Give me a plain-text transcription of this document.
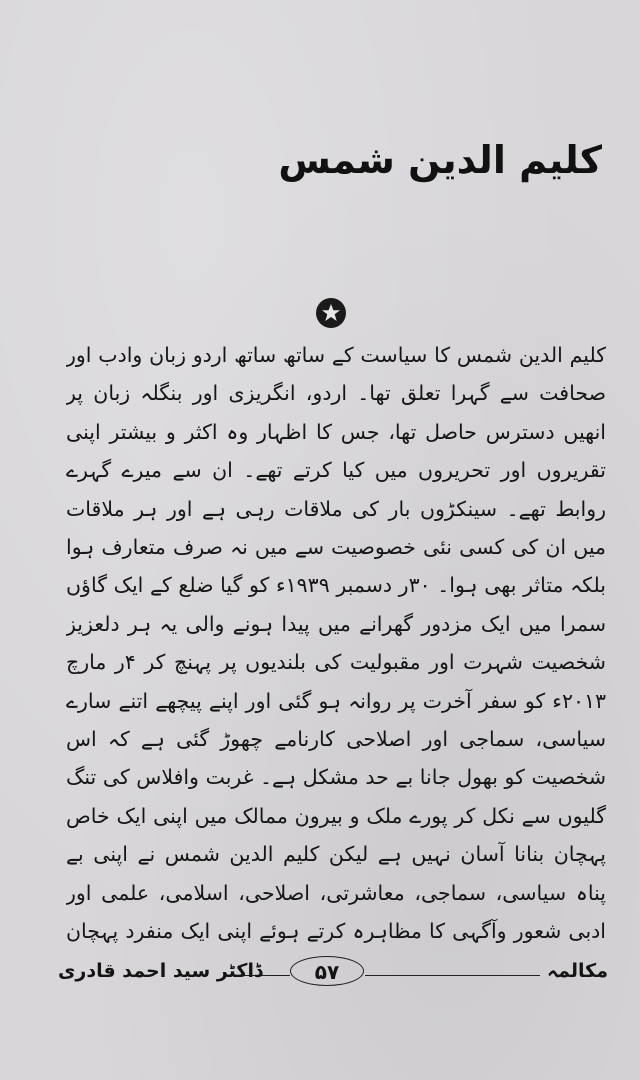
کلیم الدین شمس
کلیم الدین شمس کا سیاست کے ساتھ ساتھ اردو زبان وادب اور صحافت سے گہرا تعلق تھا۔ اردو، انگریزی اور بنگلہ زبان پر انھیں دسترس حاصل تھا، جس کا اظہار وہ اکثر و بیشتر اپنی تقریروں اور تحریروں میں کیا کرتے تھے۔ ان سے میرے گہرے روابط تھے۔ سینکڑوں بار کی ملاقات رہی ہے اور ہر ملاقات میں ان کی کسی نئی خصوصیت سے میں نہ صرف متعارف ہوا بلکہ متاثر بھی ہوا۔ ۳۰ر دسمبر ۱۹۳۹ء کو گیا ضلع کے ایک گاؤں سمرا میں ایک مزدور گھرانے میں پیدا ہونے والی یہ ہر دلعزیز شخصیت شہرت اور مقبولیت کی بلندیوں پر پہنچ کر ۴ر مارچ ۲۰۱۳ء کو سفر آخرت پر روانہ ہو گئی اور اپنے پیچھے اتنے سارے سیاسی، سماجی اور اصلاحی کارنامے چھوڑ گئی ہے کہ اس شخصیت کو بھول جانا بے حد مشکل ہے۔ غربت وافلاس کی تنگ گلیوں سے نکل کر پورے ملک و بیرون ممالک میں اپنی ایک خاص پہچان بنانا آسان نہیں ہے لیکن کلیم الدین شمس نے اپنی بے پناہ سیاسی، سماجی، معاشرتی، اصلاحی، اسلامی، علمی اور ادبی شعور وآگہی کا مظاہرہ کرتے ہوئے اپنی ایک منفرد پہچان
مکالمہ
۵۷
ڈاکٹر سید احمد قادری
